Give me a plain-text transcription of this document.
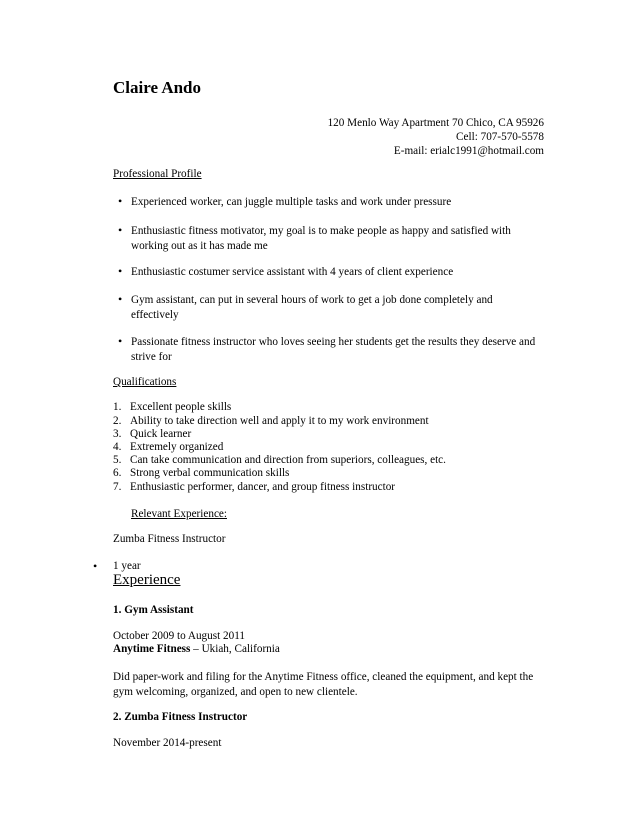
Claire Ando
120 Menlo Way Apartment 70 Chico, CA 95926
Cell: 707-570-5578
E-mail: erialc1991@hotmail.com
Professional Profile
• Experienced worker, can juggle multiple tasks and work under pressure
• Enthusiastic fitness motivator, my goal is to make people as happy and satisfied with working out as it has made me
• Enthusiastic costumer service assistant with 4 years of client experience
• Gym assistant, can put in several hours of work to get a job done completely and effectively
• Passionate fitness instructor who loves seeing her students get the results they deserve and strive for
Qualifications
1. Excellent people skills
2. Ability to take direction well and apply it to my work environment
3. Quick learner
4. Extremely organized
5. Can take communication and direction from superiors, colleagues, etc.
6. Strong verbal communication skills
7. Enthusiastic performer, dancer, and group fitness instructor
Relevant Experience:
Zumba Fitness Instructor
• 1 year
Experience
1. Gym Assistant
October 2009 to August 2011
Anytime Fitness – Ukiah, California
Did paper-work and filing for the Anytime Fitness office, cleaned the equipment, and kept the gym welcoming, organized, and open to new clientele.
2. Zumba Fitness Instructor
November 2014-present
